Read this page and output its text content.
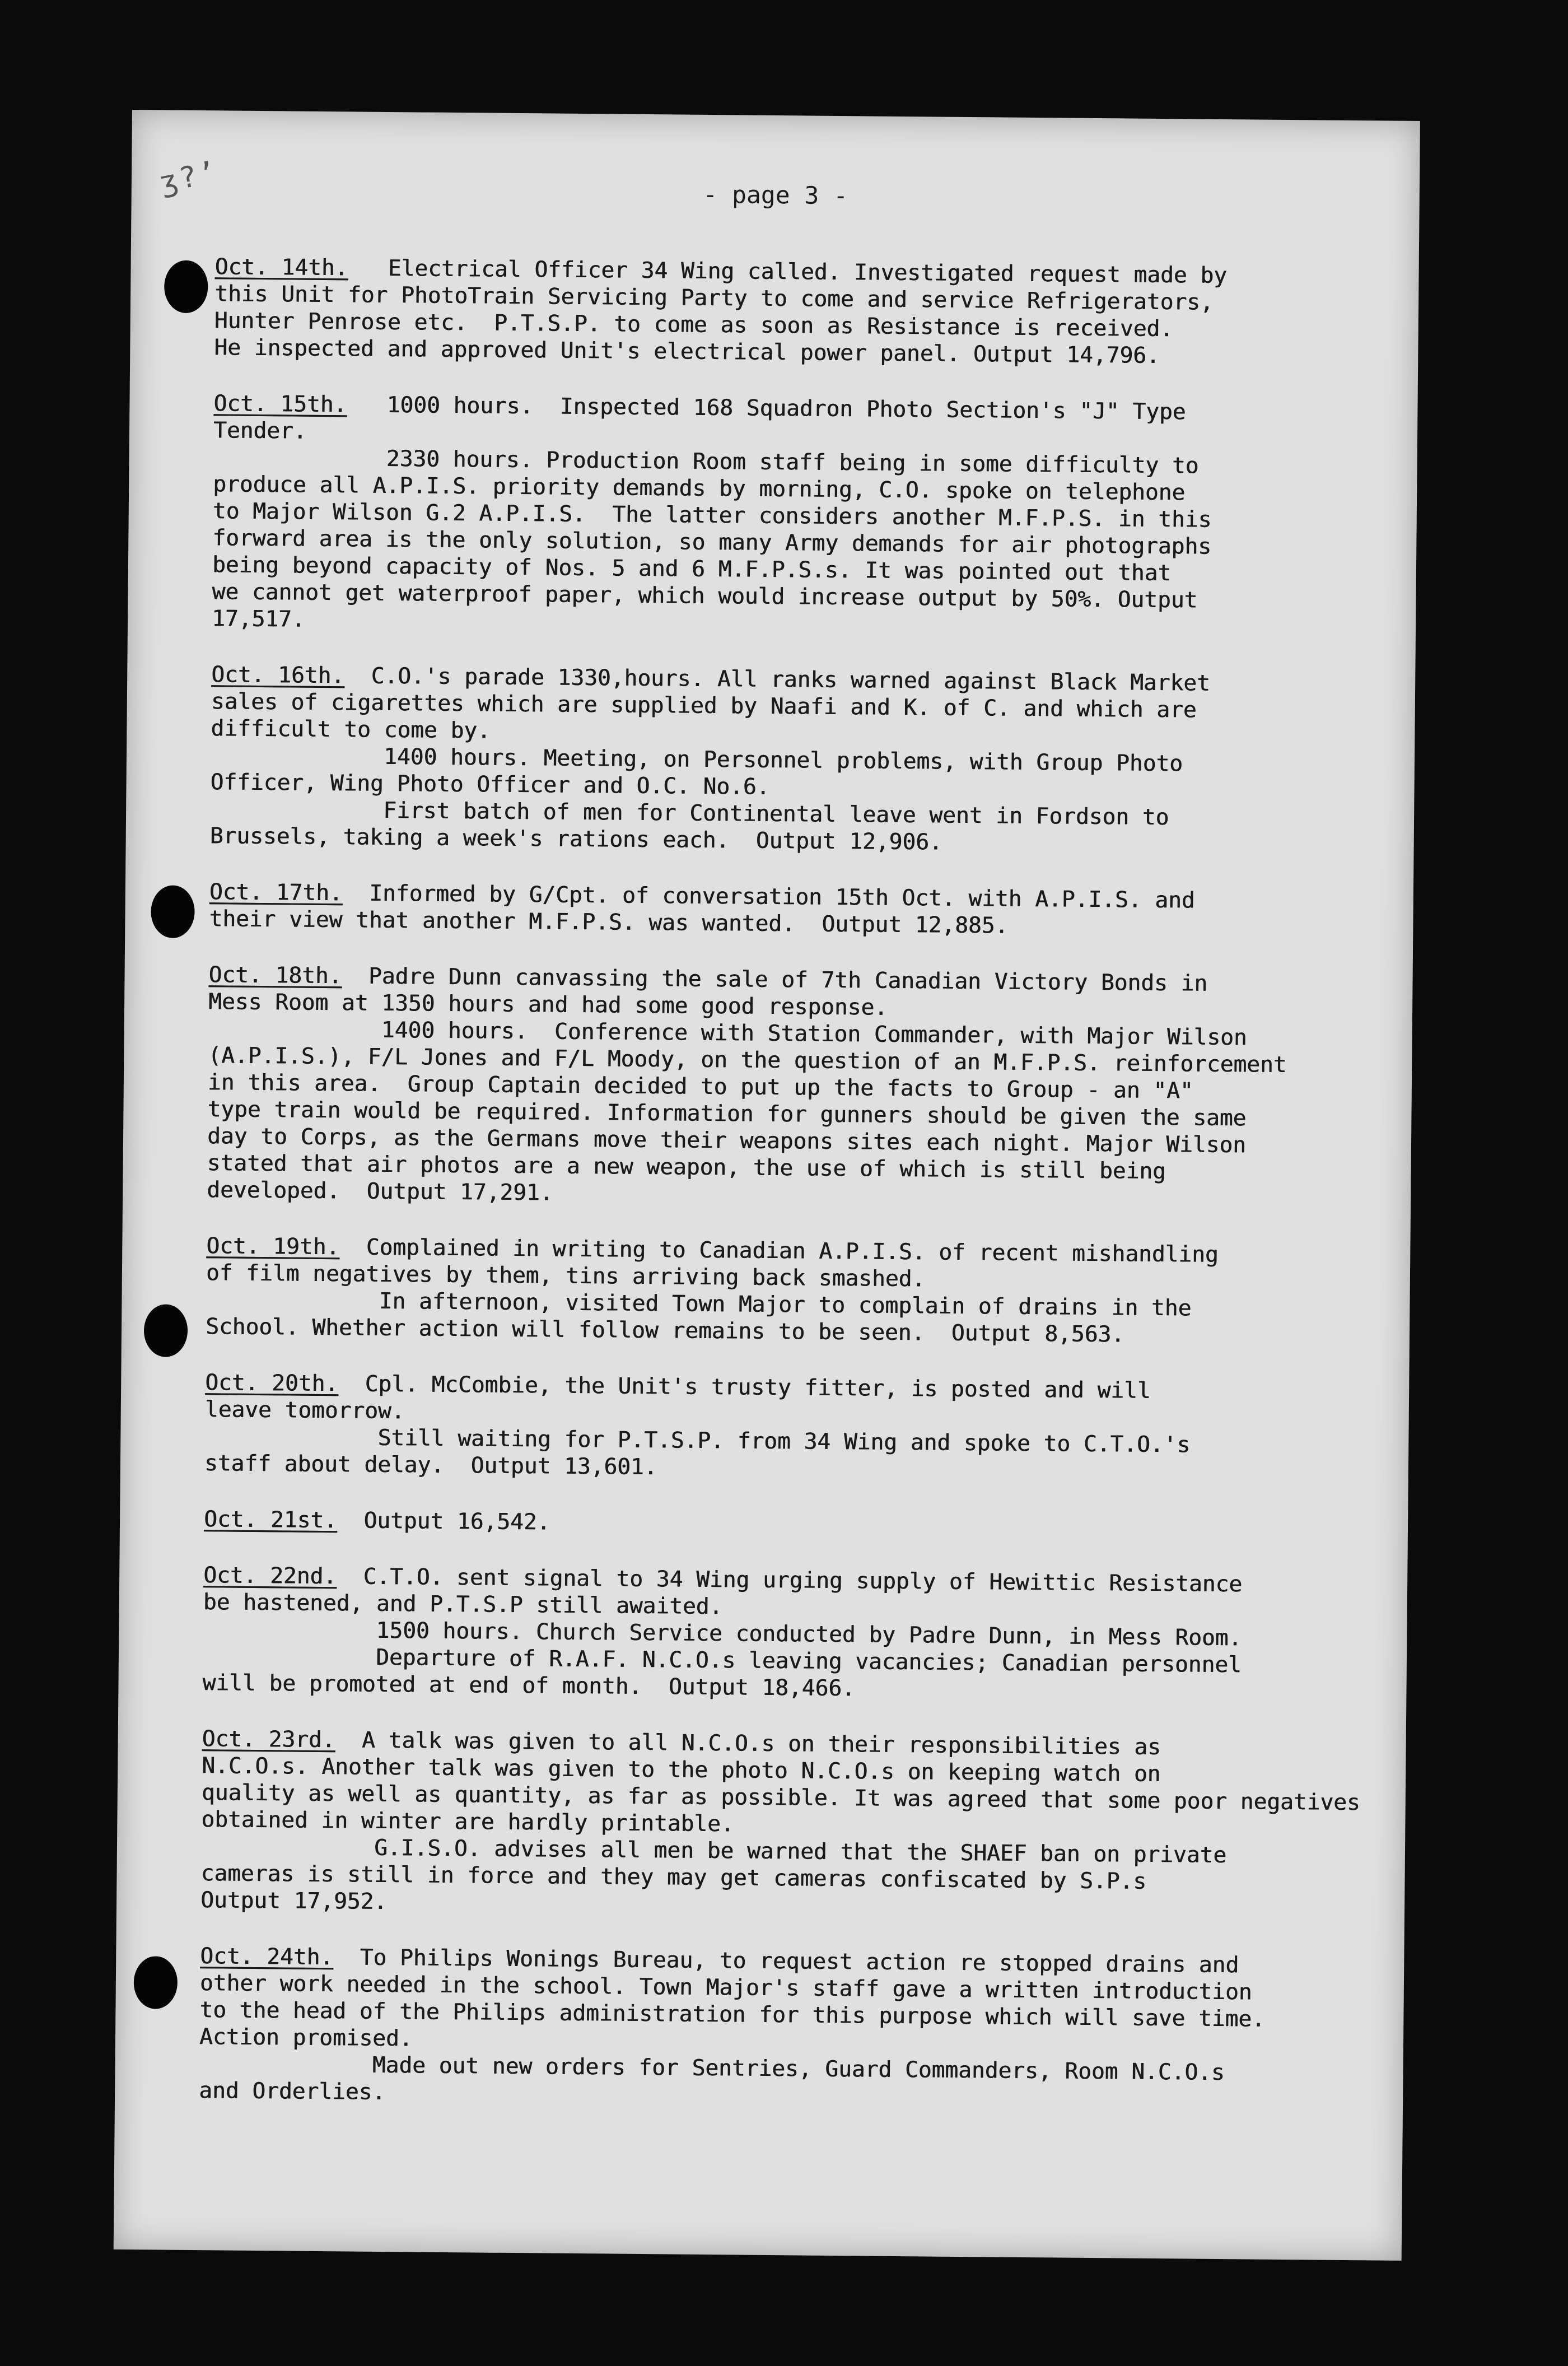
ʒ?ʼ	- page 3 -

Oct. 14th.   Electrical Officer 34 Wing called. Investigated request made by

this Unit for PhotoTrain Servicing Party to come and service Refrigerators,

Hunter Penrose etc.  P.T.S.P. to come as soon as Resistance is received.

He inspected and approved Unit's electrical power panel. Output 14,796.

Oct. 15th.   1000 hours.  Inspected 168 Squadron Photo Section's "J" Type

Tender.

2330 hours. Production Room staff being in some difficulty to

produce all A.P.I.S. priority demands by morning, C.O. spoke on telephone

to Major Wilson G.2 A.P.I.S.  The latter considers another M.F.P.S. in this

forward area is the only solution, so many Army demands for air photographs

being beyond capacity of Nos. 5 and 6 M.F.P.S.s. It was pointed out that

we cannot get waterproof paper, which would increase output by 50%. Output

17,517.

Oct. 16th.  C.O.'s parade 1330,hours. All ranks warned against Black Market

sales of cigarettes which are supplied by Naafi and K. of C. and which are

difficult to come by.

1400 hours. Meeting, on Personnel problems, with Group Photo

Officer, Wing Photo Officer and O.C. No.6.

First batch of men for Continental leave went in Fordson to

Brussels, taking a week's rations each.  Output 12,906.

Oct. 17th.  Informed by G/Cpt. of conversation 15th Oct. with A.P.I.S. and

their view that another M.F.P.S. was wanted.  Output 12,885.

Oct. 18th.  Padre Dunn canvassing the sale of 7th Canadian Victory Bonds in

Mess Room at 1350 hours and had some good response.

1400 hours.  Conference with Station Commander, with Major Wilson

(A.P.I.S.), F/L Jones and F/L Moody, on the question of an M.F.P.S. reinforcement

in this area.  Group Captain decided to put up the facts to Group - an "A"

type train would be required. Information for gunners should be given the same

day to Corps, as the Germans move their weapons sites each night. Major Wilson

stated that air photos are a new weapon, the use of which is still being

developed.  Output 17,291.

Oct. 19th.  Complained in writing to Canadian A.P.I.S. of recent mishandling

of film negatives by them, tins arriving back smashed.

In afternoon, visited Town Major to complain of drains in the

School. Whether action will follow remains to be seen.  Output 8,563.

Oct. 20th.  Cpl. McCombie, the Unit's trusty fitter, is posted and will

leave tomorrow.

Still waiting for P.T.S.P. from 34 Wing and spoke to C.T.O.'s

staff about delay.  Output 13,601.

Oct. 21st.  Output 16,542.

Oct. 22nd.  C.T.O. sent signal to 34 Wing urging supply of Hewittic Resistance

be hastened, and P.T.S.P still awaited.

1500 hours. Church Service conducted by Padre Dunn, in Mess Room.

Departure of R.A.F. N.C.O.s leaving vacancies; Canadian personnel

will be promoted at end of month.  Output 18,466.

Oct. 23rd.  A talk was given to all N.C.O.s on their responsibilities as

N.C.O.s. Another talk was given to the photo N.C.O.s on keeping watch on

quality as well as quantity, as far as possible. It was agreed that some poor negatives

obtained in winter are hardly printable.

G.I.S.O. advises all men be warned that the SHAEF ban on private

cameras is still in force and they may get cameras confiscated by S.P.s

Output 17,952.

Oct. 24th.  To Philips Wonings Bureau, to request action re stopped drains and

other work needed in the school. Town Major's staff gave a written introduction

to the head of the Philips administration for this purpose which will save time.

Action promised.

Made out new orders for Sentries, Guard Commanders, Room N.C.O.s

and Orderlies.
